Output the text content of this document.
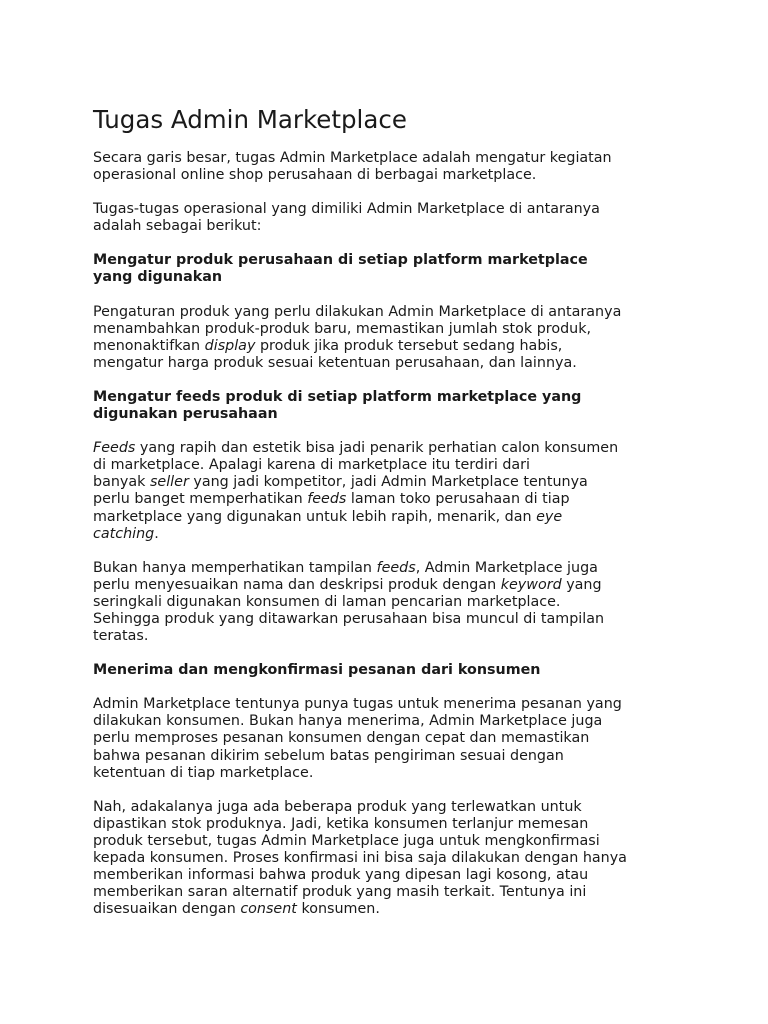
Tugas Admin Marketplace

Secara garis besar, tugas Admin Marketplace adalah mengatur kegiatan
operasional online shop perusahaan di berbagai marketplace.

Tugas-tugas operasional yang dimiliki Admin Marketplace di antaranya
adalah sebagai berikut:

Mengatur produk perusahaan di setiap platform marketplace
yang digunakan

Pengaturan produk yang perlu dilakukan Admin Marketplace di antaranya
menambahkan produk-produk baru, memastikan jumlah stok produk,
menonaktifkan display produk jika produk tersebut sedang habis,
mengatur harga produk sesuai ketentuan perusahaan, dan lainnya.

Mengatur feeds produk di setiap platform marketplace yang
digunakan perusahaan

Feeds yang rapih dan estetik bisa jadi penarik perhatian calon konsumen
di marketplace. Apalagi karena di marketplace itu terdiri dari
banyak seller yang jadi kompetitor, jadi Admin Marketplace tentunya
perlu banget memperhatikan feeds laman toko perusahaan di tiap
marketplace yang digunakan untuk lebih rapih, menarik, dan eye
catching.

Bukan hanya memperhatikan tampilan feeds, Admin Marketplace juga
perlu menyesuaikan nama dan deskripsi produk dengan keyword yang
seringkali digunakan konsumen di laman pencarian marketplace.
Sehingga produk yang ditawarkan perusahaan bisa muncul di tampilan
teratas.

Menerima dan mengkonfirmasi pesanan dari konsumen

Admin Marketplace tentunya punya tugas untuk menerima pesanan yang
dilakukan konsumen. Bukan hanya menerima, Admin Marketplace juga
perlu memproses pesanan konsumen dengan cepat dan memastikan
bahwa pesanan dikirim sebelum batas pengiriman sesuai dengan
ketentuan di tiap marketplace.

Nah, adakalanya juga ada beberapa produk yang terlewatkan untuk
dipastikan stok produknya. Jadi, ketika konsumen terlanjur memesan
produk tersebut, tugas Admin Marketplace juga untuk mengkonfirmasi
kepada konsumen. Proses konfirmasi ini bisa saja dilakukan dengan hanya
memberikan informasi bahwa produk yang dipesan lagi kosong, atau
memberikan saran alternatif produk yang masih terkait. Tentunya ini
disesuaikan dengan consent konsumen.
